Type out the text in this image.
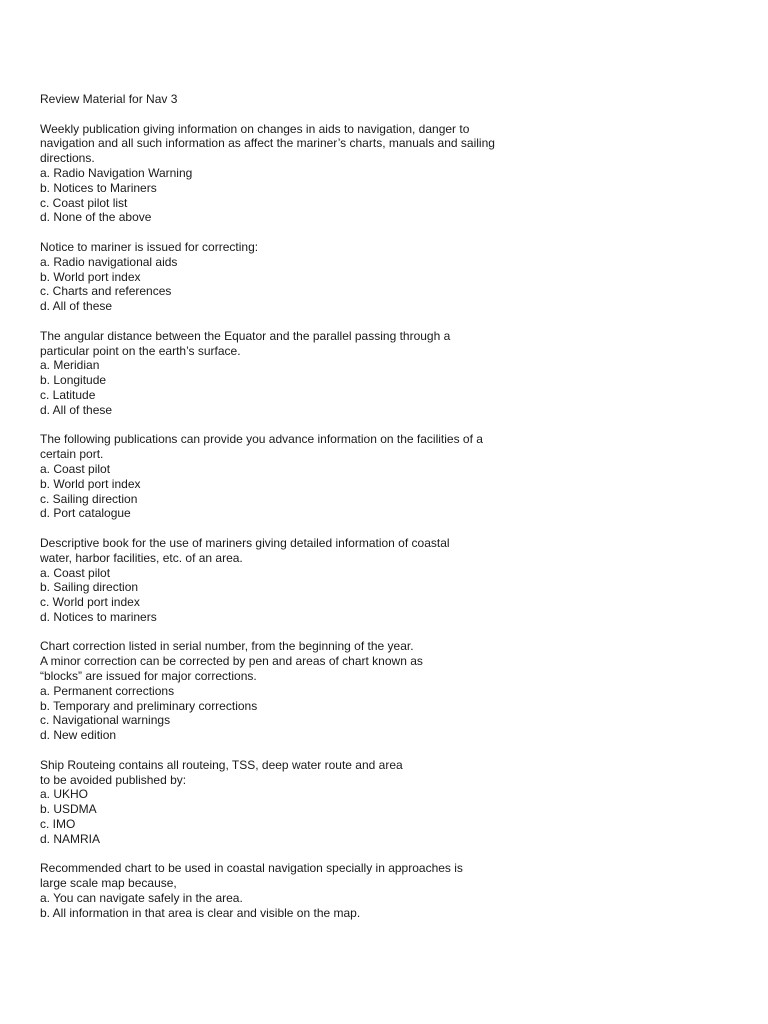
Review Material for Nav 3
Weekly publication giving information on changes in aids to navigation, danger to
navigation and all such information as affect the mariner’s charts, manuals and sailing
directions.
a. Radio Navigation Warning
b. Notices to Mariners
c. Coast pilot list
d. None of the above
Notice to mariner is issued for correcting:
a. Radio navigational aids
b. World port index
c. Charts and references
d. All of these
The angular distance between the Equator and the parallel passing through a
particular point on the earth’s surface.
a. Meridian
b. Longitude
c. Latitude
d. All of these
The following publications can provide you advance information on the facilities of a
certain port.
a. Coast pilot
b. World port index
c. Sailing direction
d. Port catalogue
Descriptive book for the use of mariners giving detailed information of coastal
water, harbor facilities, etc. of an area.
a. Coast pilot
b. Sailing direction
c. World port index
d. Notices to mariners
Chart correction listed in serial number, from the beginning of the year.
A minor correction can be corrected by pen and areas of chart known as
“blocks” are issued for major corrections.
a. Permanent corrections
b. Temporary and preliminary corrections
c. Navigational warnings
d. New edition
Ship Routeing contains all routeing, TSS, deep water route and area
to be avoided published by:
a. UKHO
b. USDMA
c. IMO
d. NAMRIA
Recommended chart to be used in coastal navigation specially in approaches is
large scale map because,
a. You can navigate safely in the area.
b. All information in that area is clear and visible on the map.
